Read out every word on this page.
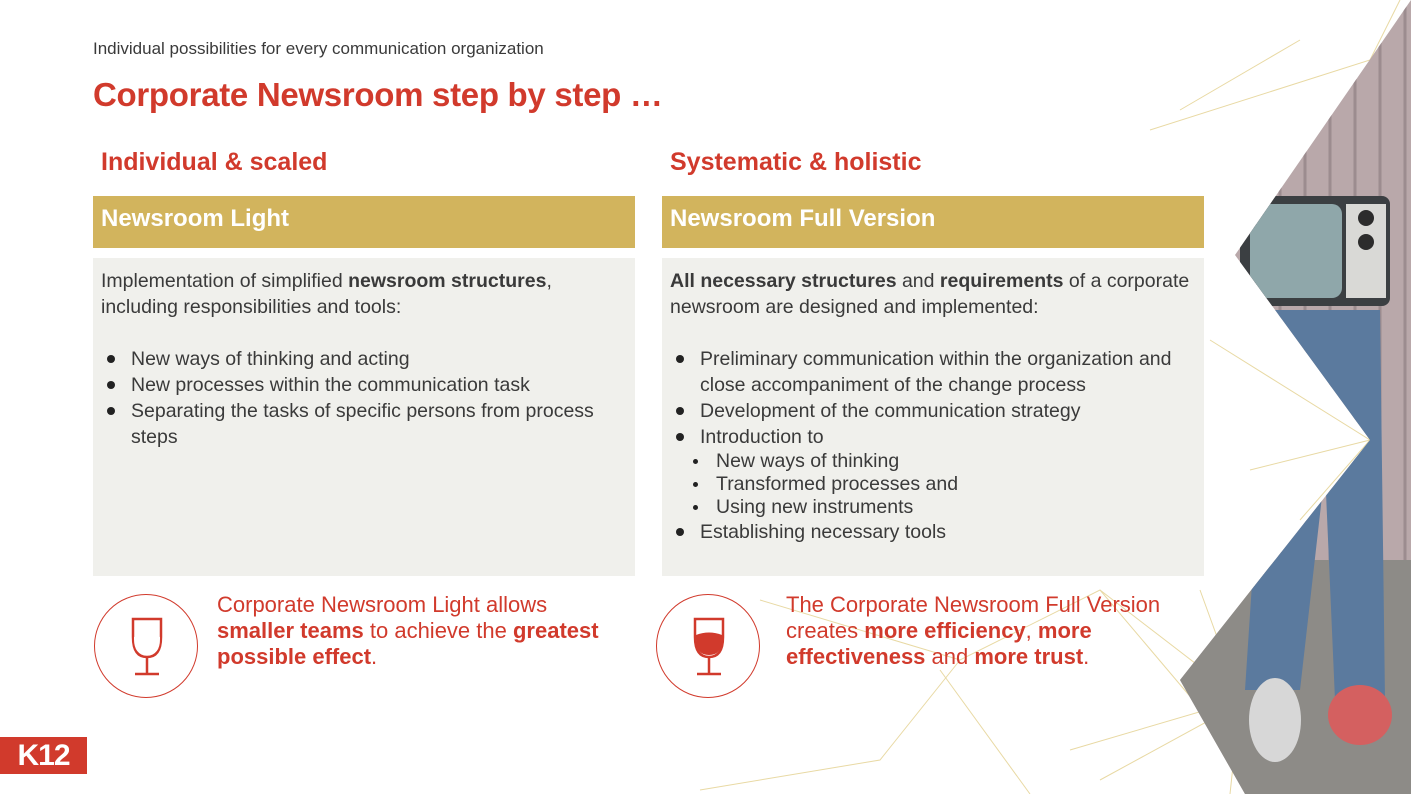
Individual possibilities for every communication organization
Corporate Newsroom step by step …
Individual & scaled
Newsroom Light

Implementation of simplified newsroom structures, including responsibilities and tools:

New ways of thinking and acting
New processes within the communication task
Separating the tasks of specific persons from process steps
Systematic & holistic
Newsroom Full Version

All necessary structures and requirements of a corporate newsroom are designed and implemented:

Preliminary communication within the organization and close accompaniment of the change process
Development of the communication strategy
Introduction to
New ways of thinking
Transformed processes and
Using new instruments
Establishing necessary tools
Corporate Newsroom Light allows smaller teams to achieve the greatest possible effect.
The Corporate Newsroom Full Version creates more efficiency, more effectiveness and more trust.
K12
